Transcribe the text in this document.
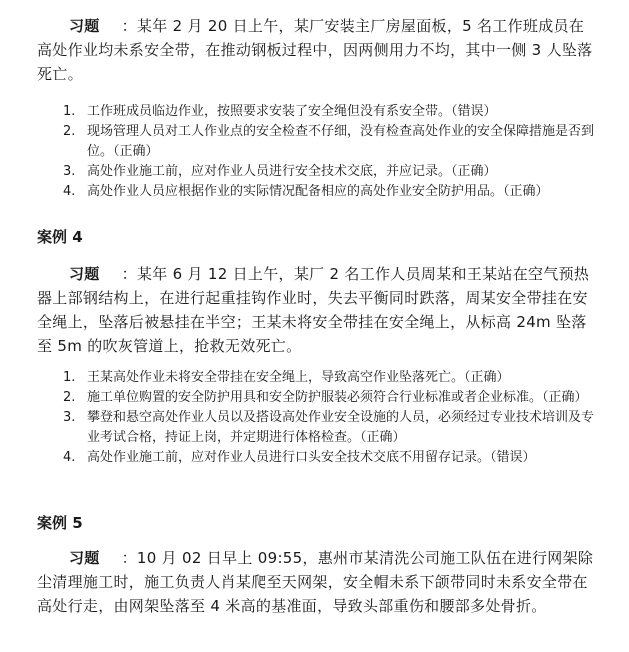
习题 ：某年 2 月 20 日上午，某厂安装主厂房屋面板，5 名工作班成员在高处作业均未系安全带，在推动钢板过程中，因两侧用力不均，其中一侧 3 人坠落死亡。

1. 工作班成员临边作业，按照要求安装了安全绳但没有系安全带。（错误）
2. 现场管理人员对工人作业点的安全检查不仔细，没有检查高处作业的安全保障措施是否到位。（正确）
3. 高处作业施工前，应对作业人员进行安全技术交底，并应记录。（正确）
4. 高处作业人员应根据作业的实际情况配备相应的高处作业安全防护用品。（正确）
案例 4

习题 ：某年 6 月 12 日上午，某厂 2 名工作人员周某和王某站在空气预热器上部钢结构上，在进行起重挂钩作业时，失去平衡同时跌落，周某安全带挂在安全绳上，坠落后被悬挂在半空；王某未将安全带挂在安全绳上，从标高 24m 坠落至 5m 的吹灰管道上，抢救无效死亡。

1. 王某高处作业未将安全带挂在安全绳上，导致高空作业坠落死亡。（正确）
2. 施工单位购置的安全防护用具和安全防护服装必须符合行业标准或者企业标准。（正确）
3. 攀登和悬空高处作业人员以及搭设高处作业安全设施的人员，必须经过专业技术培训及专业考试合格，持证上岗，并定期进行体格检查。（正确）
4. 高处作业施工前，应对作业人员进行口头安全技术交底不用留存记录。（错误）
案例 5

习题 ：10 月 02 日早上 09:55，惠州市某清洗公司施工队伍在进行网架除尘清理施工时，施工负责人肖某爬至天网架，安全帽未系下颌带同时未系安全带在高处行走，由网架坠落至 4 米高的基准面，导致头部重伤和腰部多处骨折。
